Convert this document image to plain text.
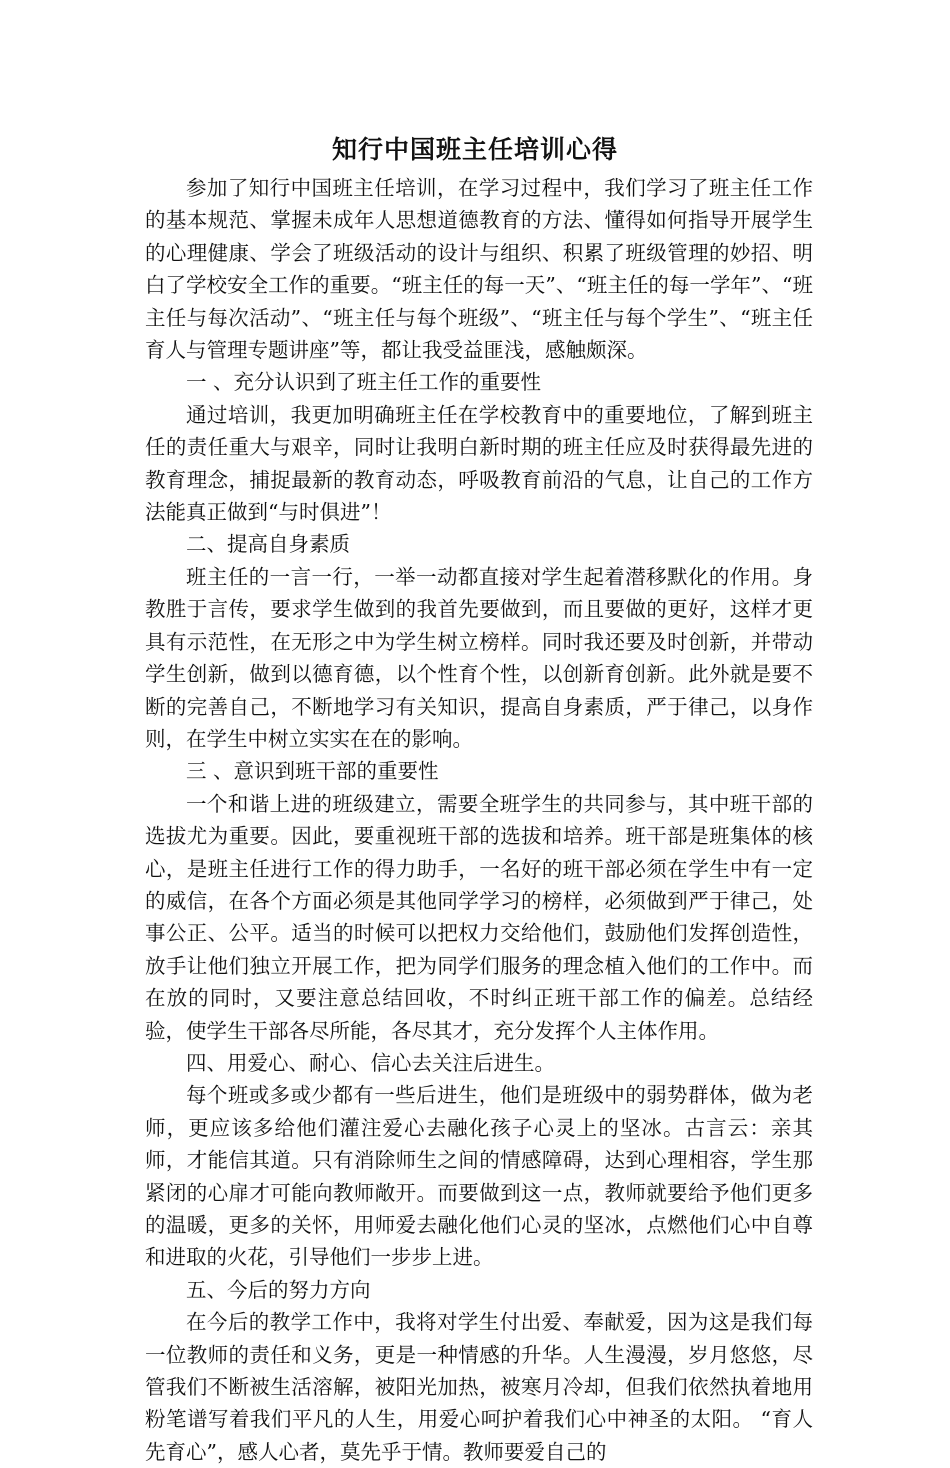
知行中国班主任培训心得

参加了知行中国班主任培训，在学习过程中，我们学习了班主任工作的基本规范、掌握未成年人思想道德教育的方法、懂得如何指导开展学生的心理健康、学会了班级活动的设计与组织、积累了班级管理的妙招、明白了学校安全工作的重要。“班主任的每一天”、“班主任的每一学年”、“班主任与每次活动”、“班主任与每个班级”、“班主任与每个学生”、“班主任育人与管理专题讲座”等，都让我受益匪浅，感触颇深。

一 、充分认识到了班主任工作的重要性

通过培训，我更加明确班主任在学校教育中的重要地位，了解到班主任的责任重大与艰辛，同时让我明白新时期的班主任应及时获得最先进的教育理念，捕捉最新的教育动态，呼吸教育前沿的气息，让自己的工作方法能真正做到“与时俱进”！

二、提高自身素质

班主任的一言一行，一举一动都直接对学生起着潜移默化的作用。身教胜于言传，要求学生做到的我首先要做到，而且要做的更好，这样才更具有示范性，在无形之中为学生树立榜样。同时我还要及时创新，并带动学生创新，做到以德育德，以个性育个性，以创新育创新。此外就是要不断的完善自己，不断地学习有关知识，提高自身素质，严于律己，以身作则，在学生中树立实实在在的影响。

三 、意识到班干部的重要性

一个和谐上进的班级建立，需要全班学生的共同参与，其中班干部的选拔尤为重要。因此，要重视班干部的选拔和培养。班干部是班集体的核心，是班主任进行工作的得力助手，一名好的班干部必须在学生中有一定的威信，在各个方面必须是其他同学学习的榜样，必须做到严于律己，处事公正、公平。适当的时候可以把权力交给他们，鼓励他们发挥创造性，放手让他们独立开展工作，把为同学们服务的理念植入他们的工作中。而在放的同时，又要注意总结回收，不时纠正班干部工作的偏差。总结经验，使学生干部各尽所能，各尽其才，充分发挥个人主体作用。

四、用爱心、耐心、信心去关注后进生。

每个班或多或少都有一些后进生，他们是班级中的弱势群体，做为老师，更应该多给他们灌注爱心去融化孩子心灵上的坚冰。古言云：亲其师，才能信其道。只有消除师生之间的情感障碍，达到心理相容，学生那紧闭的心扉才可能向教师敞开。而要做到这一点，教师就要给予他们更多的温暖，更多的关怀，用师爱去融化他们心灵的坚冰，点燃他们心中自尊和进取的火花，引导他们一步步上进。

五、今后的努力方向

在今后的教学工作中，我将对学生付出爱、奉献爱，因为这是我们每一位教师的责任和义务，更是一种情感的升华。人生漫漫，岁月悠悠，尽管我们不断被生活溶解，被阳光加热，被寒月冷却，但我们依然执着地用粉笔谱写着我们平凡的人生，用爱心呵护着我们心中神圣的太阳。 “育人先育心”，感人心者，莫先乎于情。教师要爱自己的
